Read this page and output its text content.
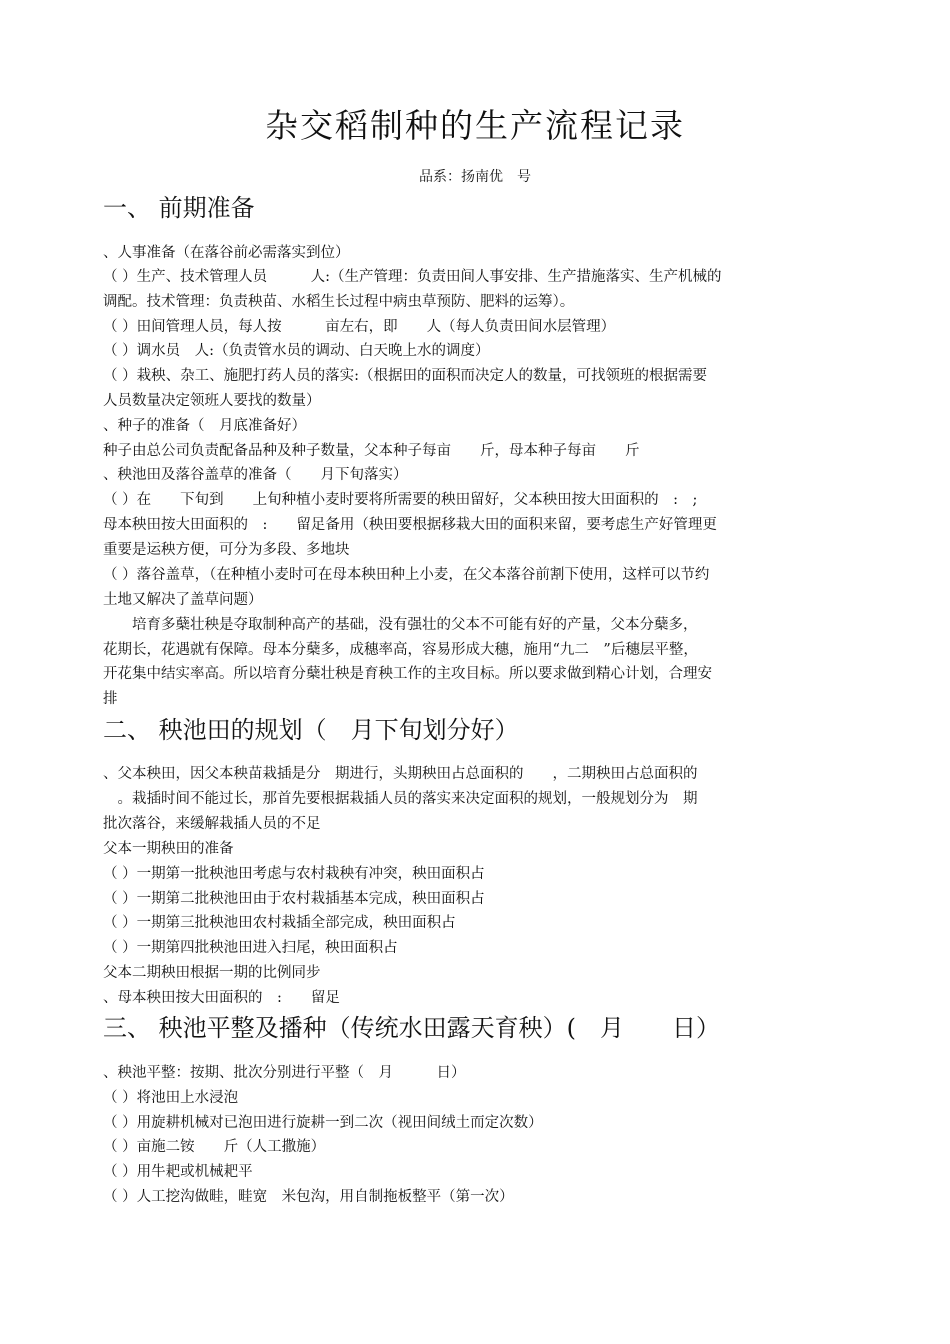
杂交稻制种的生产流程记录
品系：扬南优　号
一、 前期准备
、人事准备（在落谷前必需落实到位）
（ ）生产、技术管理人员　　　人:（生产管理：负责田间人事安排、生产措施落实、生产机械的
调配。技术管理：负责秧苗、水稻生长过程中病虫草预防、肥料的运筹）。
（ ）田间管理人员，每人按　　　亩左右，即　　人（每人负责田间水层管理）
（ ）调水员　人:（负责管水员的调动、白天晚上水的调度）
（ ）栽秧、杂工、施肥打药人员的落实:（根据田的面积而决定人的数量，可找领班的根据需要
人员数量决定领班人要找的数量）
、种子的准备（　月底准备好）
种子由总公司负责配备品种及种子数量，父本种子每亩　　斤，母本种子每亩　　斤
、秧池田及落谷盖草的准备（　　月下旬落实）
（ ）在　　下旬到　　上旬种植小麦时要将所需要的秧田留好，父本秧田按大田面积的　:　;
母本秧田按大田面积的　:　　留足备用（秧田要根据移栽大田的面积来留，要考虑生产好管理更
重要是运秧方便，可分为多段、多地块
（ ）落谷盖草，（在种植小麦时可在母本秧田种上小麦，在父本落谷前割下使用，这样可以节约
土地又解决了盖草问题）
　　培育多蘖壮秧是夺取制种高产的基础，没有强壮的父本不可能有好的产量，父本分蘖多，
花期长，花遇就有保障。母本分蘖多，成穗率高，容易形成大穗，施用“九二　”后穗层平整，
开花集中结实率高。所以培育分蘖壮秧是育秧工作的主攻目标。所以要求做到精心计划，合理安
排
二、 秧池田的规划（　月下旬划分好）
、父本秧田，因父本秧苗栽插是分　期进行，头期秧田占总面积的　　，二期秧田占总面积的
　。栽插时间不能过长，那首先要根据栽插人员的落实来决定面积的规划，一般规划分为　期
批次落谷，来缓解栽插人员的不足
父本一期秧田的准备
（ ）一期第一批秧池田考虑与农村栽秧有冲突，秧田面积占
（ ）一期第二批秧池田由于农村栽插基本完成，秧田面积占
（ ）一期第三批秧池田农村栽插全部完成，秧田面积占
（ ）一期第四批秧池田进入扫尾，秧田面积占
父本二期秧田根据一期的比例同步
、母本秧田按大田面积的　:　　留足
三、 秧池平整及播种（传统水田露天育秧）(　月　　日）
、秧池平整：按期、批次分别进行平整（　月　　　日）
（ ）将池田上水浸泡
（ ）用旋耕机械对已泡田进行旋耕一到二次（视田间绒土而定次数）
（ ）亩施二铵　　斤（人工撒施）
（ ）用牛耙或机械耙平
（ ）人工挖沟做畦，畦宽　米包沟，用自制拖板整平（第一次）
